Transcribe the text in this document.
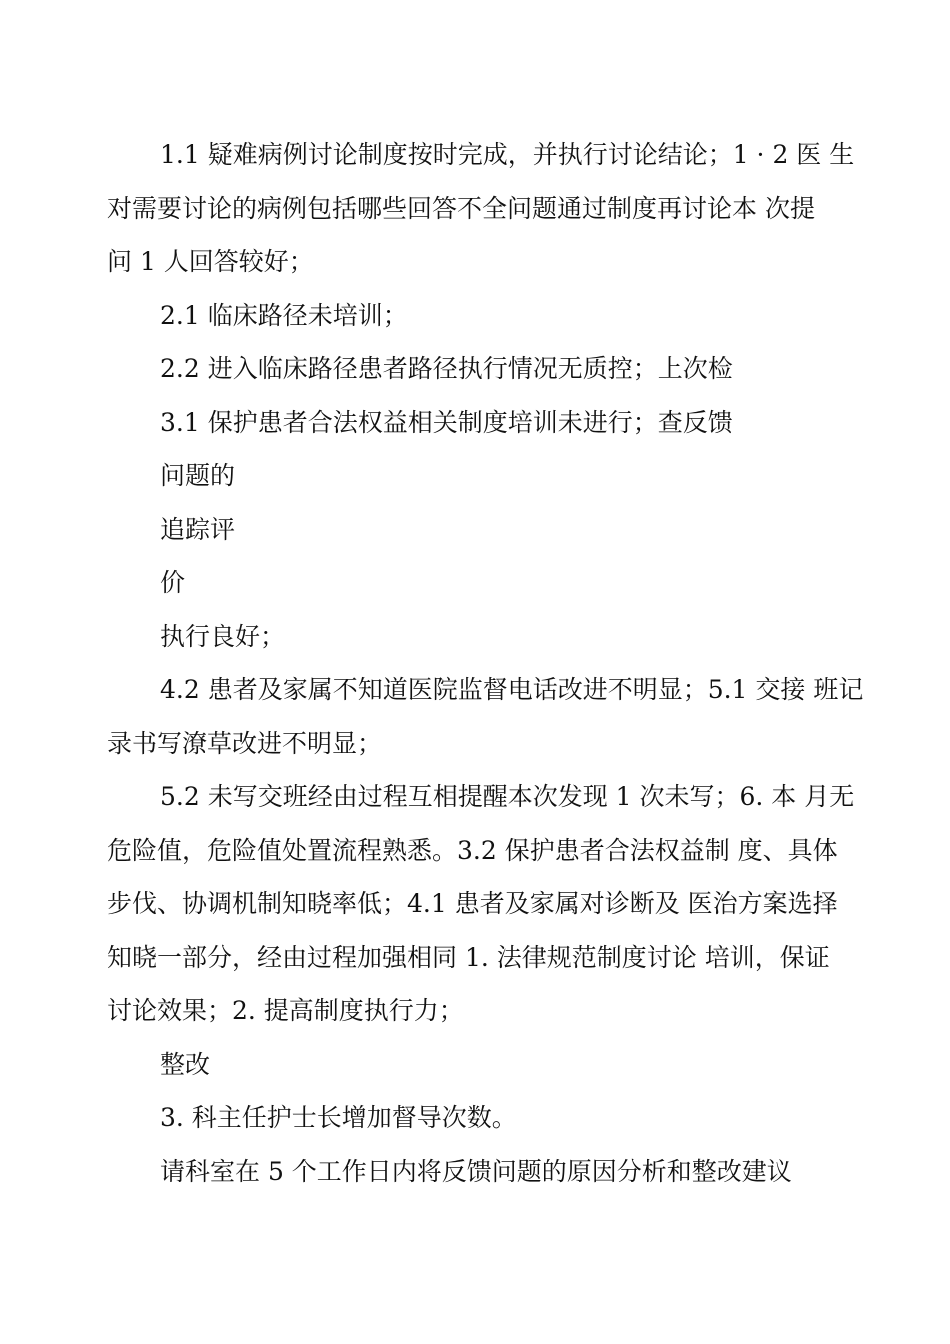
1.1 疑难病例讨论制度按时完成，并执行讨论结论；1 · 2 医 生
对需要讨论的病例包括哪些回答不全问题通过制度再讨论本 次提
问 1 人回答较好；
2.1 临床路径未培训；
2.2 进入临床路径患者路径执行情况无质控；上次检
3.1 保护患者合法权益相关制度培训未进行；查反馈
问题的
追踪评
价
执行良好；
4.2 患者及家属不知道医院监督电话改进不明显；5.1 交接 班记
录书写潦草改进不明显；
5.2 未写交班经由过程互相提醒本次发现 1 次未写；6. 本 月无
危险值，危险值处置流程熟悉。3.2 保护患者合法权益制 度、具体
步伐、协调机制知晓率低；4.1 患者及家属对诊断及 医治方案选择
知晓一部分，经由过程加强相同 1. 法律规范制度讨论 培训，保证
讨论效果；2. 提高制度执行力；
整改
3. 科主任护士长增加督导次数。
请科室在 5 个工作日内将反馈问题的原因分析和整改建议
